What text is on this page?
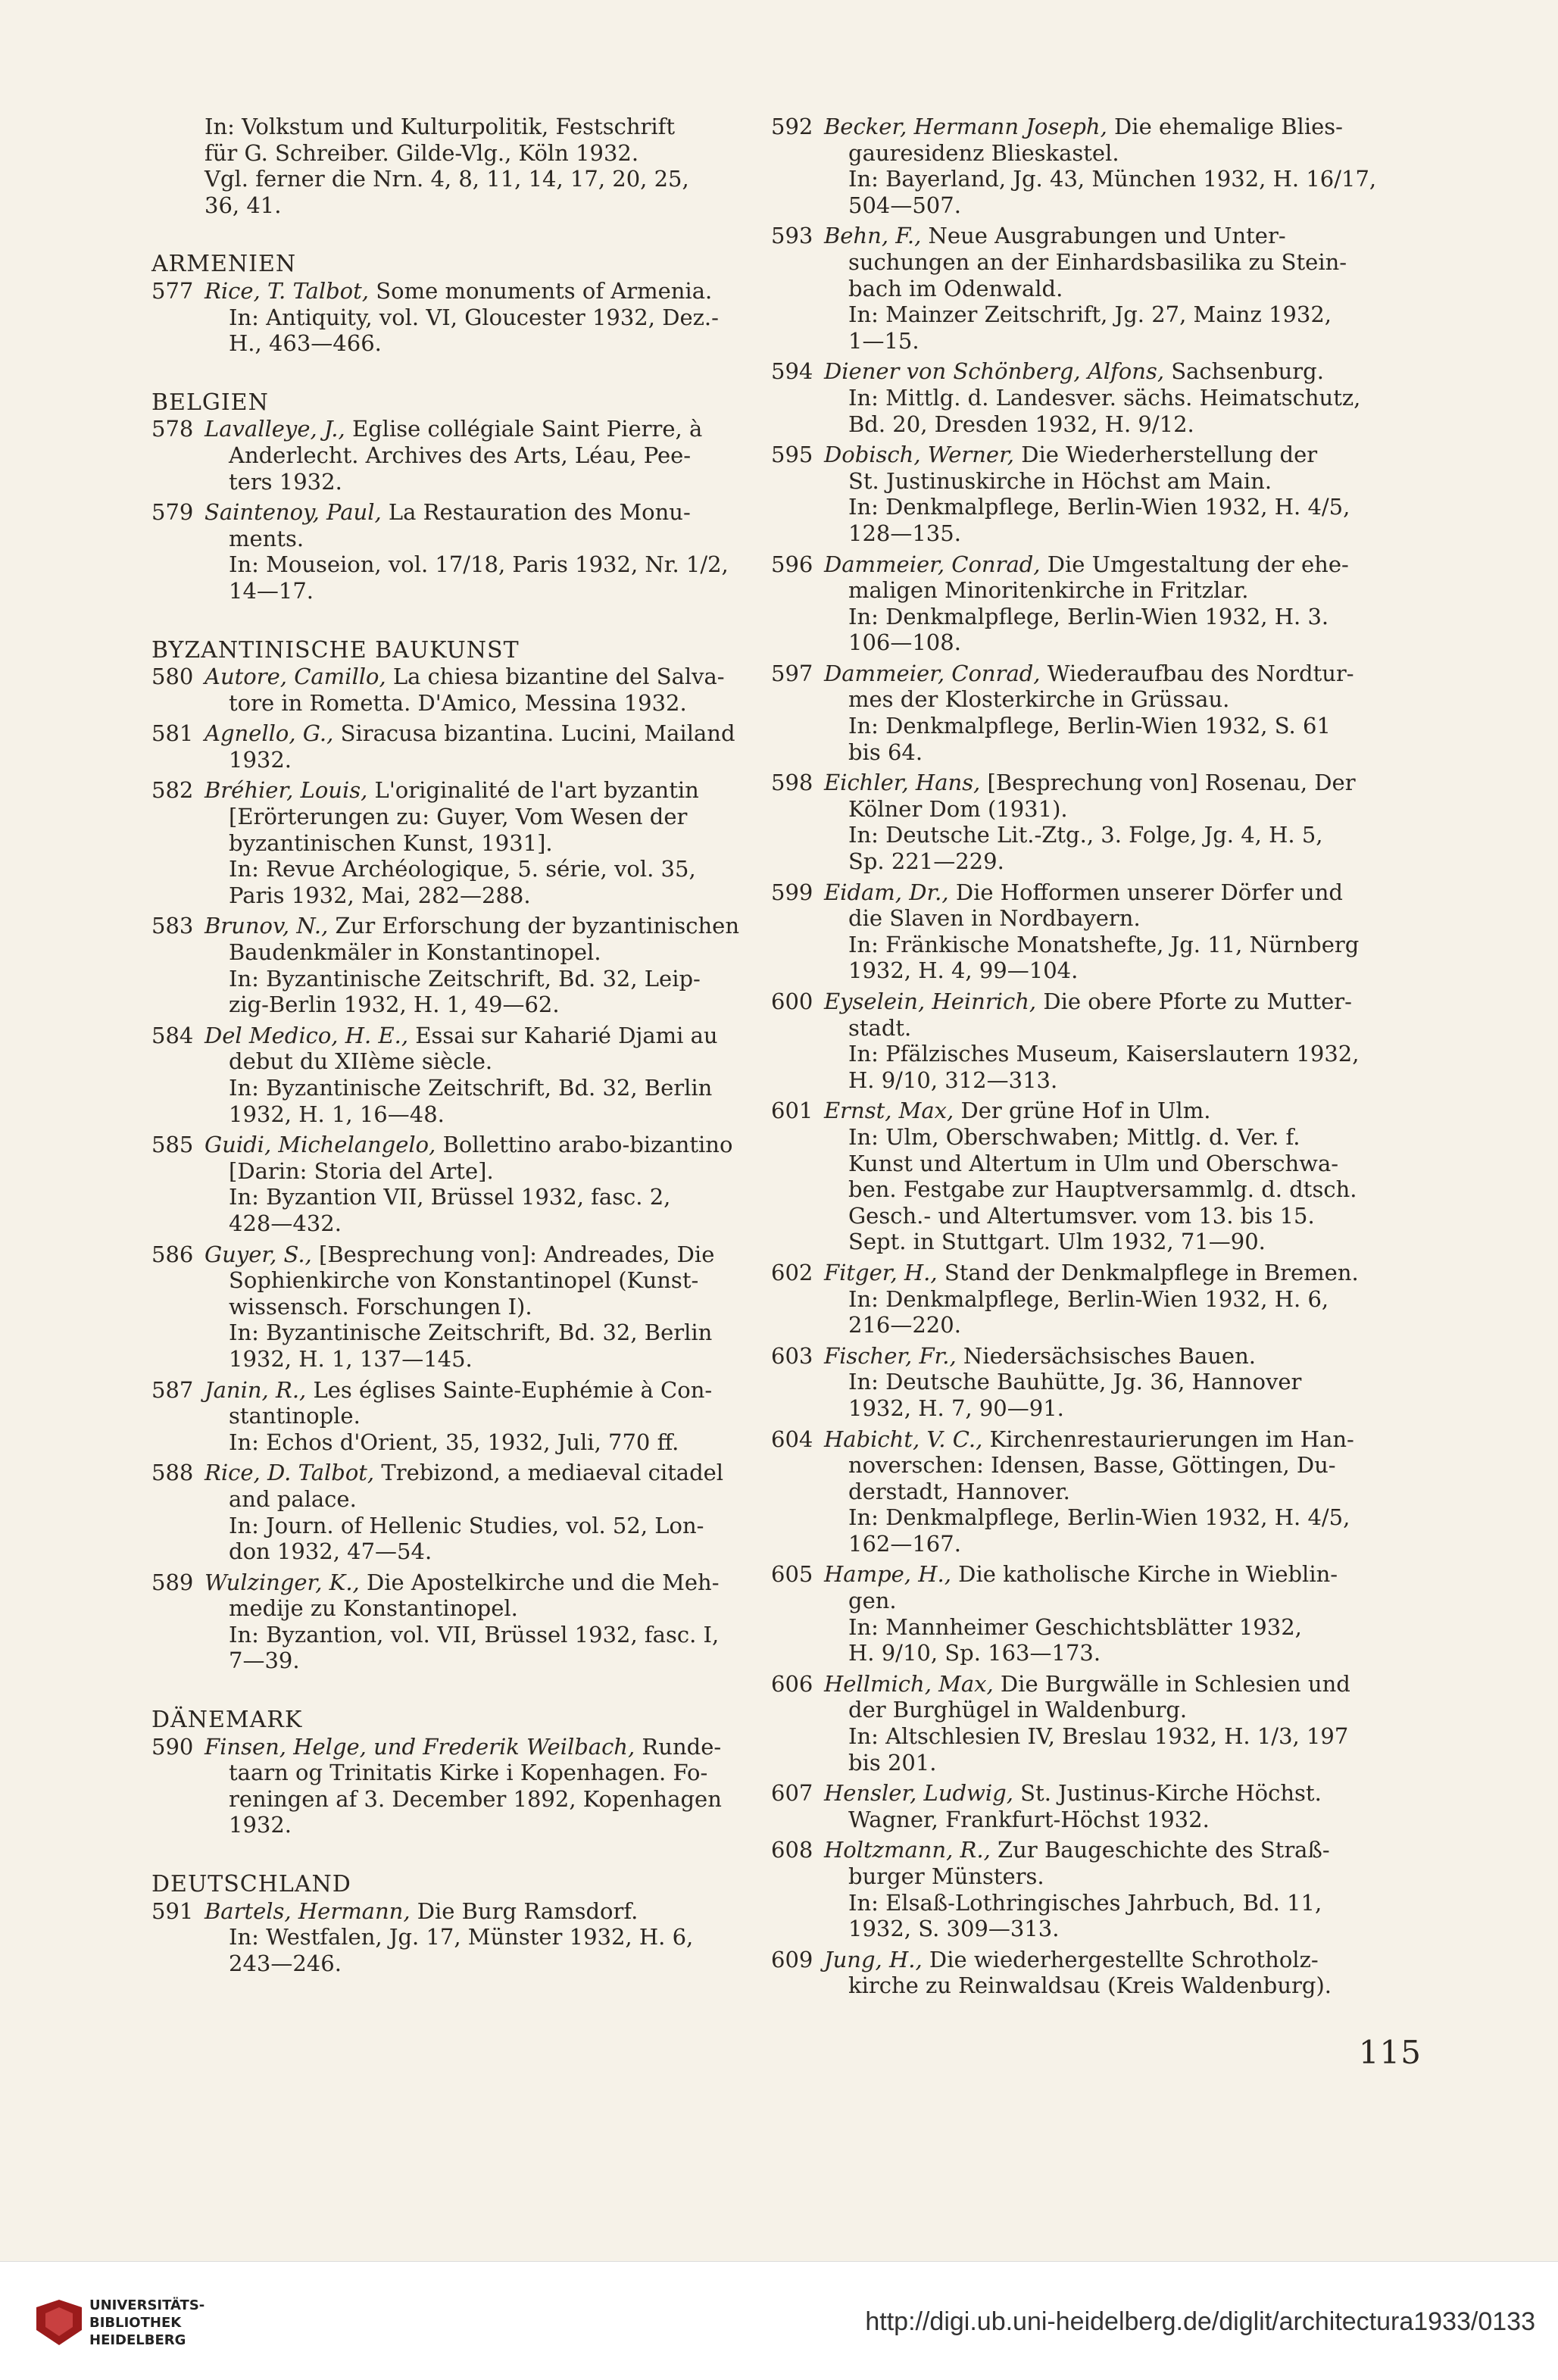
In: Volkstum und Kulturpolitik, Festschrift
für G. Schreiber. Gilde-Vlg., Köln 1932.
Vgl. ferner die Nrn. 4, 8, 11, 14, 17, 20, 25,
36, 41.
ARMENIEN
577 Rice, T. Talbot, Some monuments of Armenia.
In: Antiquity, vol. VI, Gloucester 1932, Dez.-
H., 463—466.
BELGIEN
578 Lavalleye, J., Eglise collégiale Saint Pierre, à
Anderlecht. Archives des Arts, Léau, Pee-
ters 1932.
579 Saintenoy, Paul, La Restauration des Monu-
ments.
In: Mouseion, vol. 17/18, Paris 1932, Nr. 1/2,
14—17.
BYZANTINISCHE BAUKUNST
580 Autore, Camillo, La chiesa bizantine del Salva-
tore in Rometta. D'Amico, Messina 1932.
581 Agnello, G., Siracusa bizantina. Lucini, Mailand
1932.
582 Bréhier, Louis, L'originalité de l'art byzantin
[Erörterungen zu: Guyer, Vom Wesen der
byzantinischen Kunst, 1931].
In: Revue Archéologique, 5. série, vol. 35,
Paris 1932, Mai, 282—288.
583 Brunov, N., Zur Erforschung der byzantinischen
Baudenkmäler in Konstantinopel.
In: Byzantinische Zeitschrift, Bd. 32, Leip-
zig-Berlin 1932, H. 1, 49—62.
584 Del Medico, H. E., Essai sur Kaharié Djami au
debut du XIIème siècle.
In: Byzantinische Zeitschrift, Bd. 32, Berlin
1932, H. 1, 16—48.
585 Guidi, Michelangelo, Bollettino arabo-bizantino
[Darin: Storia del Arte].
In: Byzantion VII, Brüssel 1932, fasc. 2,
428—432.
586 Guyer, S., [Besprechung von]: Andreades, Die
Sophienkirche von Konstantinopel (Kunst-
wissensch. Forschungen I).
In: Byzantinische Zeitschrift, Bd. 32, Berlin
1932, H. 1, 137—145.
587 Janin, R., Les églises Sainte-Euphémie à Con-
stantinople.
In: Echos d'Orient, 35, 1932, Juli, 770 ff.
588 Rice, D. Talbot, Trebizond, a mediaeval citadel
and palace.
In: Journ. of Hellenic Studies, vol. 52, Lon-
don 1932, 47—54.
589 Wulzinger, K., Die Apostelkirche und die Meh-
medije zu Konstantinopel.
In: Byzantion, vol. VII, Brüssel 1932, fasc. I,
7—39.
DÄNEMARK
590 Finsen, Helge, und Frederik Weilbach, Runde-
taarn og Trinitatis Kirke i Kopenhagen. Fo-
reningen af 3. December 1892, Kopenhagen
1932.
DEUTSCHLAND
591 Bartels, Hermann, Die Burg Ramsdorf.
In: Westfalen, Jg. 17, Münster 1932, H. 6,
243—246.
592 Becker, Hermann Joseph, Die ehemalige Blies-
gauresidenz Blieskastel.
In: Bayerland, Jg. 43, München 1932, H. 16/17,
504—507.
593 Behn, F., Neue Ausgrabungen und Unter-
suchungen an der Einhardsbasilika zu Stein-
bach im Odenwald.
In: Mainzer Zeitschrift, Jg. 27, Mainz 1932,
1—15.
594 Diener von Schönberg, Alfons, Sachsenburg.
In: Mittlg. d. Landesver. sächs. Heimatschutz,
Bd. 20, Dresden 1932, H. 9/12.
595 Dobisch, Werner, Die Wiederherstellung der
St. Justinuskirche in Höchst am Main.
In: Denkmalpflege, Berlin-Wien 1932, H. 4/5,
128—135.
596 Dammeier, Conrad, Die Umgestaltung der ehe-
maligen Minoritenkirche in Fritzlar.
In: Denkmalpflege, Berlin-Wien 1932, H. 3.
106—108.
597 Dammeier, Conrad, Wiederaufbau des Nordtur-
mes der Klosterkirche in Grüssau.
In: Denkmalpflege, Berlin-Wien 1932, S. 61
bis 64.
598 Eichler, Hans, [Besprechung von] Rosenau, Der
Kölner Dom (1931).
In: Deutsche Lit.-Ztg., 3. Folge, Jg. 4, H. 5,
Sp. 221—229.
599 Eidam, Dr., Die Hofformen unserer Dörfer und
die Slaven in Nordbayern.
In: Fränkische Monatshefte, Jg. 11, Nürnberg
1932, H. 4, 99—104.
600 Eyselein, Heinrich, Die obere Pforte zu Mutter-
stadt.
In: Pfälzisches Museum, Kaiserslautern 1932,
H. 9/10, 312—313.
601 Ernst, Max, Der grüne Hof in Ulm.
In: Ulm, Oberschwaben; Mittlg. d. Ver. f.
Kunst und Altertum in Ulm und Oberschwa-
ben. Festgabe zur Hauptversammlg. d. dtsch.
Gesch.- und Altertumsver. vom 13. bis 15.
Sept. in Stuttgart. Ulm 1932, 71—90.
602 Fitger, H., Stand der Denkmalpflege in Bremen.
In: Denkmalpflege, Berlin-Wien 1932, H. 6,
216—220.
603 Fischer, Fr., Niedersächsisches Bauen.
In: Deutsche Bauhütte, Jg. 36, Hannover
1932, H. 7, 90—91.
604 Habicht, V. C., Kirchenrestaurierungen im Han-
noverschen: Idensen, Basse, Göttingen, Du-
derstadt, Hannover.
In: Denkmalpflege, Berlin-Wien 1932, H. 4/5,
162—167.
605 Hampe, H., Die katholische Kirche in Wieblin-
gen.
In: Mannheimer Geschichtsblätter 1932,
H. 9/10, Sp. 163—173.
606 Hellmich, Max, Die Burgwälle in Schlesien und
der Burghügel in Waldenburg.
In: Altschlesien IV, Breslau 1932, H. 1/3, 197
bis 201.
607 Hensler, Ludwig, St. Justinus-Kirche Höchst.
Wagner, Frankfurt-Höchst 1932.
608 Holtzmann, R., Zur Baugeschichte des Straß-
burger Münsters.
In: Elsaß-Lothringisches Jahrbuch, Bd. 11,
1932, S. 309—313.
609 Jung, H., Die wiederhergestellte Schrotholz-
kirche zu Reinwaldsau (Kreis Waldenburg).
115
UNIVERSITÄTS-
BIBLIOTHEK
HEIDELBERG
http://digi.ub.uni-heidelberg.de/diglit/architectura1933/0133
